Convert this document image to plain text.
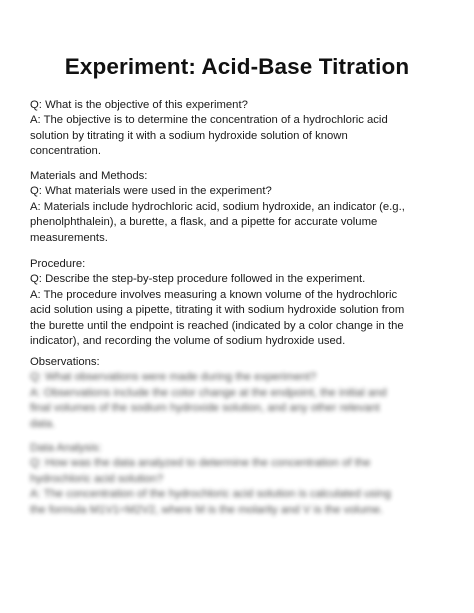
Experiment: Acid-Base Titration
Q: What is the objective of this experiment?
A: The objective is to determine the concentration of a hydrochloric acid
solution by titrating it with a sodium hydroxide solution of known
concentration.
Materials and Methods:
Q: What materials were used in the experiment?
A: Materials include hydrochloric acid, sodium hydroxide, an indicator (e.g.,
phenolphthalein), a burette, a flask, and a pipette for accurate volume
measurements.
Procedure:
Q: Describe the step-by-step procedure followed in the experiment.
A: The procedure involves measuring a known volume of the hydrochloric
acid solution using a pipette, titrating it with sodium hydroxide solution from
the burette until the endpoint is reached (indicated by a color change in the
indicator), and recording the volume of sodium hydroxide used.
Observations:
Q: What observations were made during the experiment?
A: Observations include the color change at the endpoint, the initial and
final volumes of the sodium hydroxide solution, and any other relevant
data.
Data Analysis:
Q: How was the data analyzed to determine the concentration of the
hydrochloric acid solution?
A: The concentration of the hydrochloric acid solution is calculated using
the formula M1V1=M2V2, where M is the molarity and V is the volume.
